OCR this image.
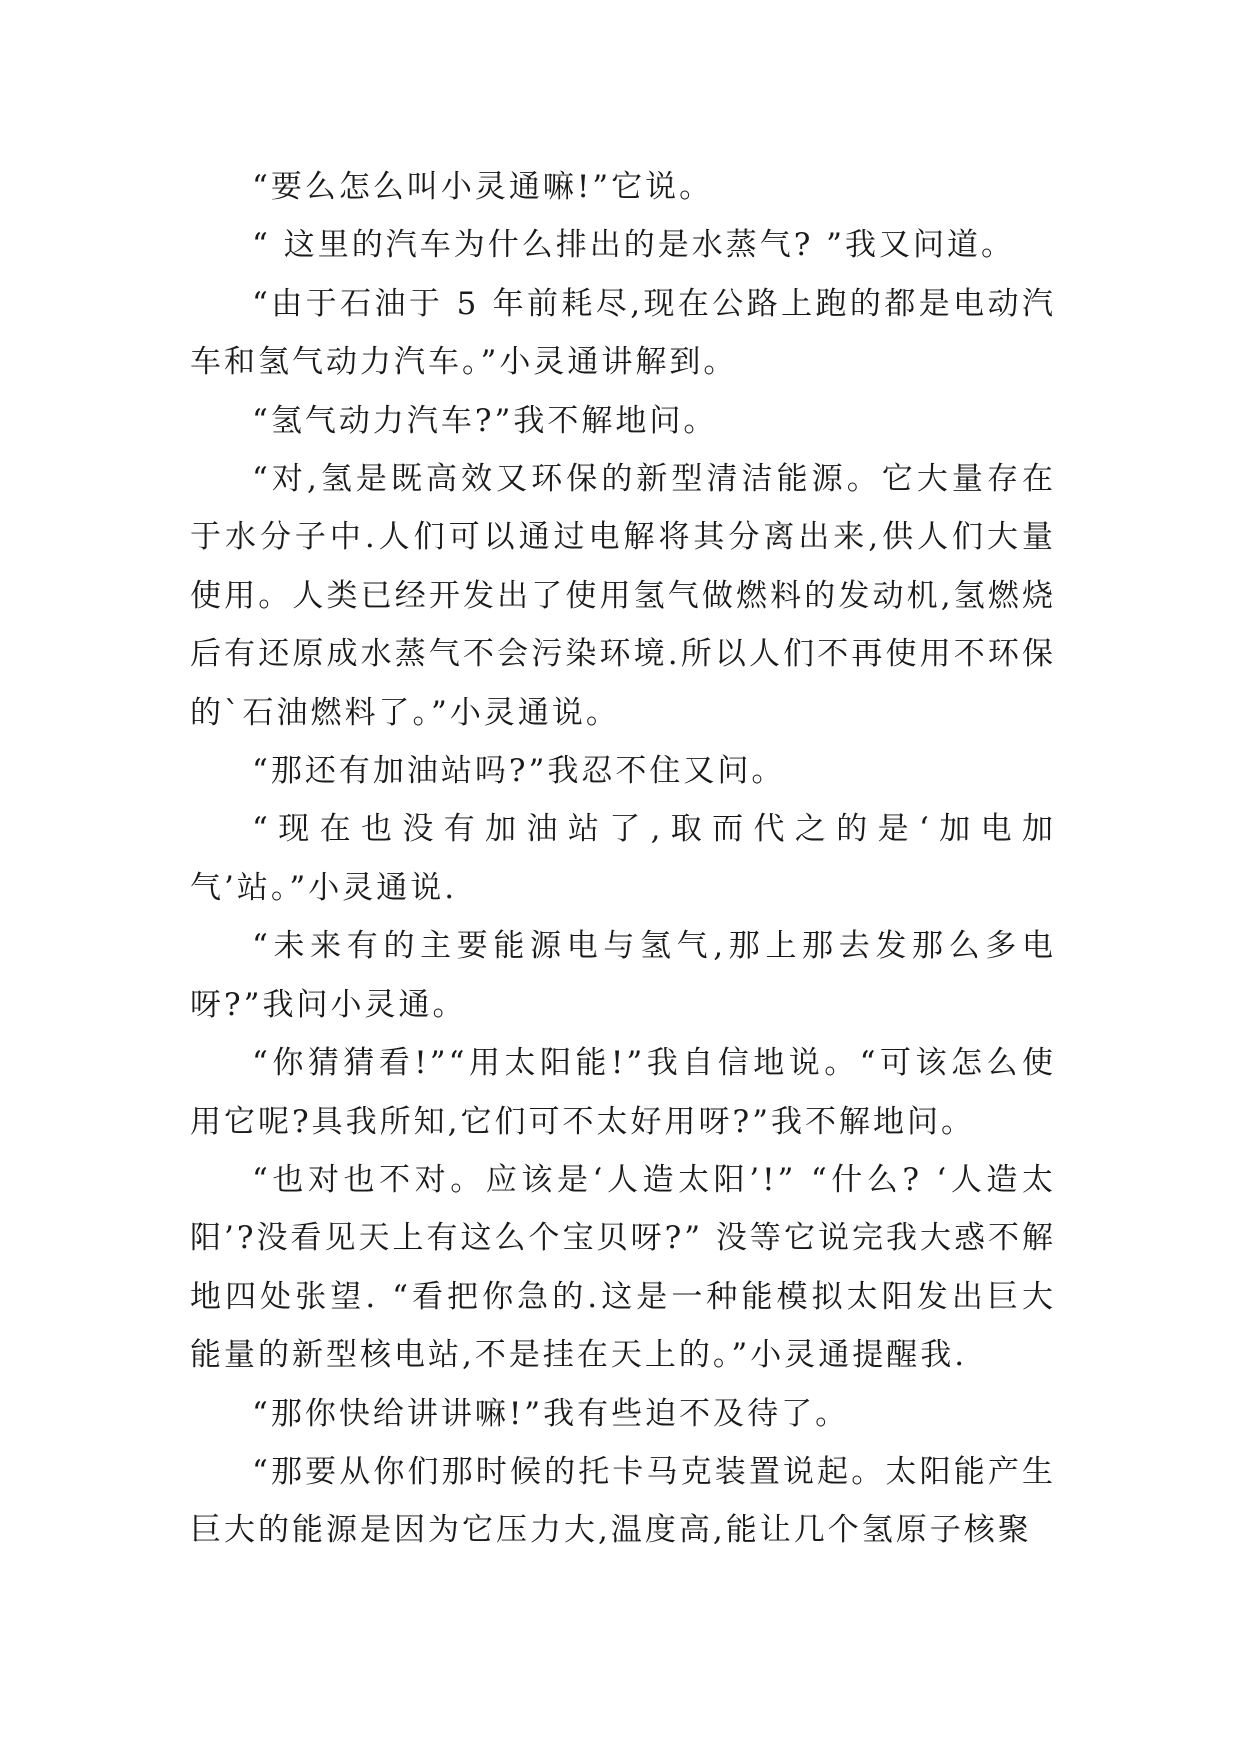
“要么怎么叫小灵通嘛!”它说。

“ 这里的汽车为什么排出的是水蒸气? ”我又问道。

“由于石油于 5 年前耗尽,现在公路上跑的都是电动汽车和氢气动力汽车。”小灵通讲解到。

“氢气动力汽车?”我不解地问。

“对,氢是既高效又环保的新型清洁能源。它大量存在于水分子中.人们可以通过电解将其分离出来,供人们大量使用。人类已经开发出了使用氢气做燃料的发动机,氢燃烧后有还原成水蒸气不会污染环境.所以人们不再使用不环保的`石油燃料了。”小灵通说。

“那还有加油站吗?”我忍不住又问。

“现在也没有加油站了,取而代之的是‘加电加气’站。”小灵通说.

“未来有的主要能源电与氢气,那上那去发那么多电呀?”我问小灵通。

“你猜猜看!”“用太阳能!”我自信地说。“可该怎么使用它呢?具我所知,它们可不太好用呀?”我不解地问。

“也对也不对。应该是‘人造太阳’!” “什么? ‘人造太阳’?没看见天上有这么个宝贝呀?” 没等它说完我大惑不解地四处张望. “看把你急的.这是一种能模拟太阳发出巨大能量的新型核电站,不是挂在天上的。”小灵通提醒我.

“那你快给讲讲嘛!”我有些迫不及待了。

“那要从你们那时候的托卡马克装置说起。太阳能产生巨大的能源是因为它压力大,温度高,能让几个氢原子核聚
